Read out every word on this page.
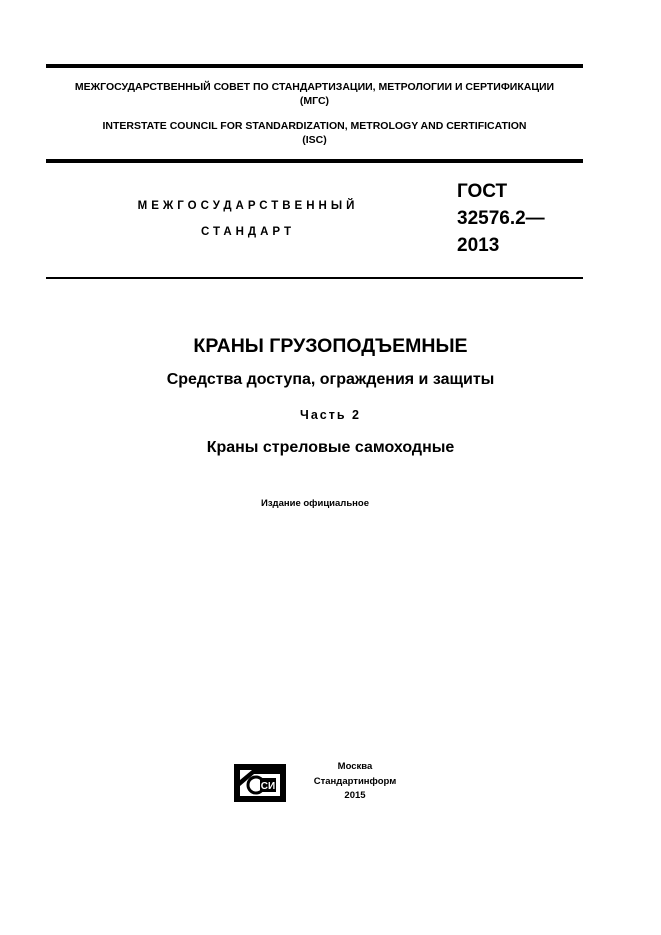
МЕЖГОСУДАРСТВЕННЫЙ СОВЕТ ПО СТАНДАРТИЗАЦИИ, МЕТРОЛОГИИ И СЕРТИФИКАЦИИ
(МГС)
INTERSTATE COUNCIL FOR STANDARDIZATION, METROLOGY AND CERTIFICATION
(ISC)
МЕЖГОСУДАРСТВЕННЫЙ
СТАНДАРТ
ГОСТ
32576.2—
2013
КРАНЫ ГРУЗОПОДЪЕМНЫЕ
Средства доступа, ограждения и защиты
Часть 2
Краны стреловые самоходные
Издание официальное
СИ
Москва
Стандартинформ
2015
